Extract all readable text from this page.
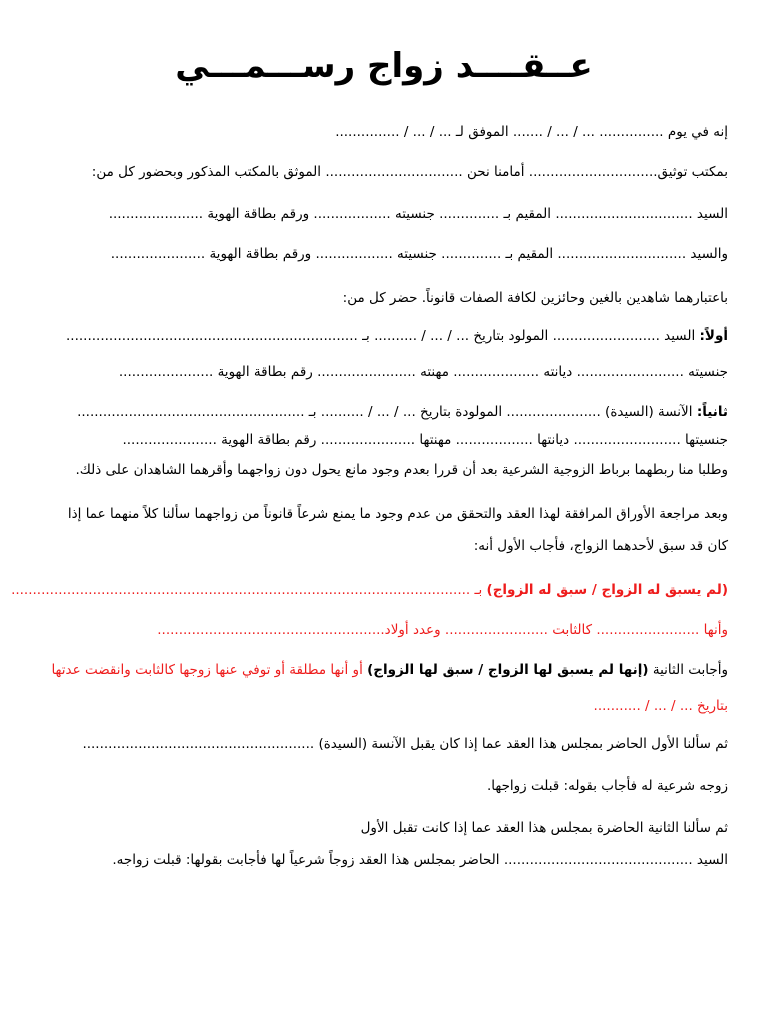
عــقــــد زواج رســـمـــي
إنه في يوم ............... ... / ... / ....... الموفق لـ ... / ... / ...............
بمكتب توثيق.............................. أمامنا نحن ................................ الموثق بالمكتب المذكور وبحضور كل من:
السيد ................................ المقيم بـ .............. جنسيته .................. ورقم بطاقة الهوية ......................
والسيد .............................. المقيم بـ .............. جنسيته .................. ورقم بطاقة الهوية ......................
باعتبارهما شاهدين بالغين وحائزين لكافة الصفات قانوناً. حضر كل من:
أولاً: السيد ......................... المولود بتاريخ ... / ... / .......... بـ ....................................................................
جنسيته ......................... ديانته .................... مهنته ....................... رقم بطاقة الهوية ......................
ثانياً: الآنسة (السيدة) ...................... المولودة بتاريخ ... / ... / .......... بـ .....................................................
جنسيتها ......................... ديانتها .................. مهنتها ...................... رقم بطاقة الهوية ......................
وطلبا منا ربطهما برباط الزوجية الشرعية بعد أن قررا بعدم وجود مانع يحول دون زواجهما وأقرهما الشاهدان على ذلك.
وبعد مراجعة الأوراق المرافقة لهذا العقد والتحقق من عدم وجود ما يمنع شرعاً قانوناً من زواجهما سألنا كلاً منهما عما إذا
كان قد سبق لأحدهما الزواج، فأجاب الأول أنه:
(لم يسبق له الزواج / سبق له الزواج) بـ ...........................................................................................................
وأنها ........................ كالثابت ........................ وعدد أولاد.....................................................
وأجابت الثانية (إنها لم يسبق لها الزواج / سبق لها الزواج) أو أنها مطلقة أو توفي عنها زوجها كالثابت وانقضت عدتها
بتاريخ ... / ... / ...........
ثم سألنا الأول الحاضر بمجلس هذا العقد عما إذا كان يقبل الآنسة (السيدة) ......................................................
زوجه شرعية له فأجاب بقوله: قبلت زواجها.
ثم سألنا الثانية الحاضرة بمجلس هذا العقد عما إذا كانت تقبل الأول
السيد ............................................ الحاضر بمجلس هذا العقد زوجاً شرعياً لها فأجابت بقولها: قبلت زواجه.
